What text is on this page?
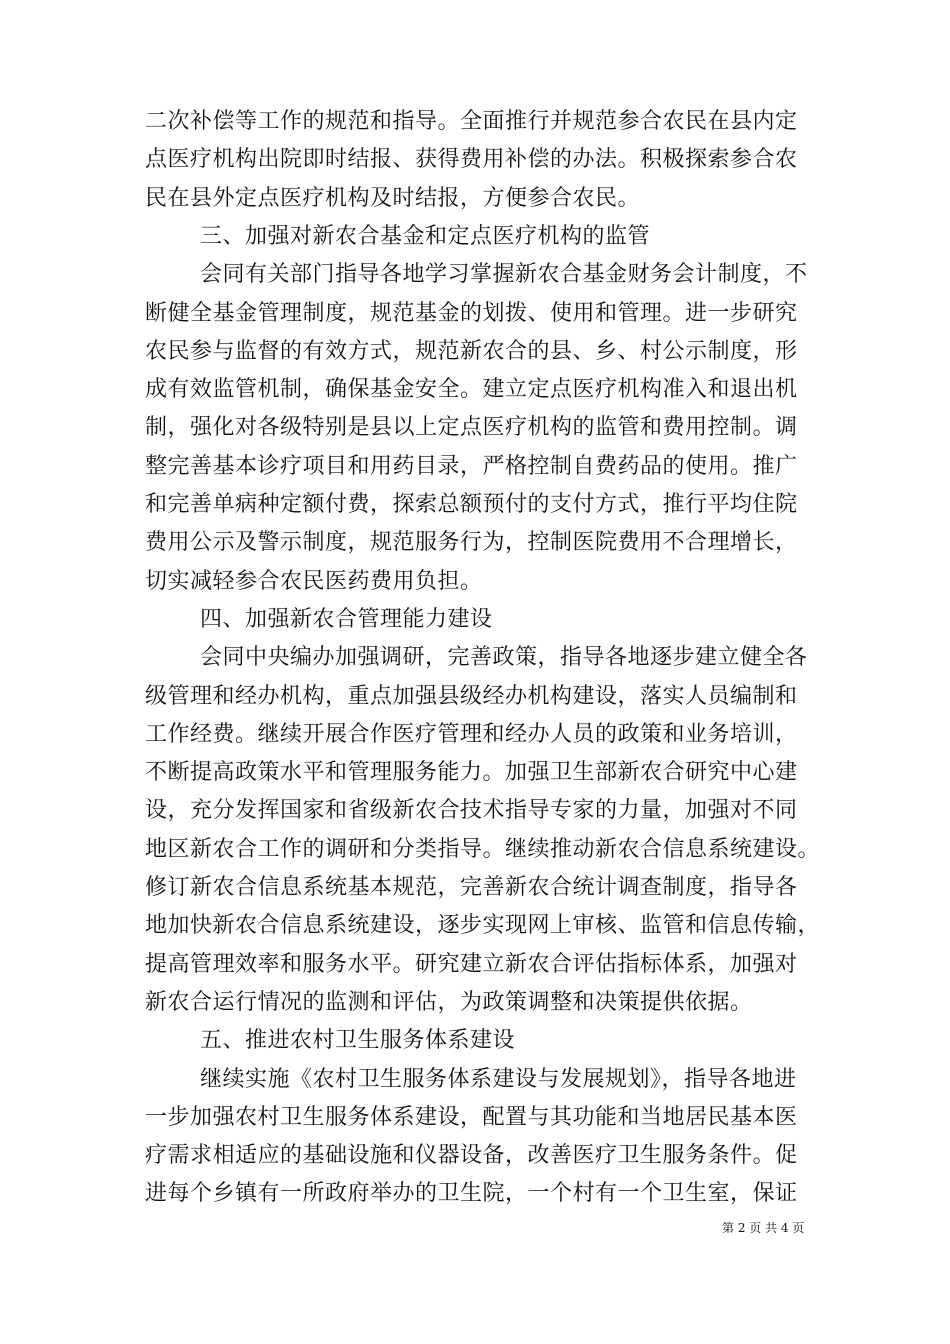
二次补偿等工作的规范和指导。全面推行并规范参合农民在县内定
点医疗机构出院即时结报、获得费用补偿的办法。积极探索参合农
民在县外定点医疗机构及时结报，方便参合农民。
三、加强对新农合基金和定点医疗机构的监管
会同有关部门指导各地学习掌握新农合基金财务会计制度，不
断健全基金管理制度，规范基金的划拨、使用和管理。进一步研究
农民参与监督的有效方式，规范新农合的县、乡、村公示制度，形
成有效监管机制，确保基金安全。建立定点医疗机构准入和退出机
制，强化对各级特别是县以上定点医疗机构的监管和费用控制。调
整完善基本诊疗项目和用药目录，严格控制自费药品的使用。推广
和完善单病种定额付费，探索总额预付的支付方式，推行平均住院
费用公示及警示制度，规范服务行为，控制医院费用不合理增长，
切实减轻参合农民医药费用负担。
四、加强新农合管理能力建设
会同中央编办加强调研，完善政策，指导各地逐步建立健全各
级管理和经办机构，重点加强县级经办机构建设，落实人员编制和
工作经费。继续开展合作医疗管理和经办人员的政策和业务培训，
不断提高政策水平和管理服务能力。加强卫生部新农合研究中心建
设，充分发挥国家和省级新农合技术指导专家的力量，加强对不同
地区新农合工作的调研和分类指导。继续推动新农合信息系统建设。
修订新农合信息系统基本规范，完善新农合统计调查制度，指导各
地加快新农合信息系统建设，逐步实现网上审核、监管和信息传输，
提高管理效率和服务水平。研究建立新农合评估指标体系，加强对
新农合运行情况的监测和评估，为政策调整和决策提供依据。
五、推进农村卫生服务体系建设
继续实施《农村卫生服务体系建设与发展规划》，指导各地进
一步加强农村卫生服务体系建设，配置与其功能和当地居民基本医
疗需求相适应的基础设施和仪器设备，改善医疗卫生服务条件。促
进每个乡镇有一所政府举办的卫生院，一个村有一个卫生室，保证
第 2 页 共 4 页
